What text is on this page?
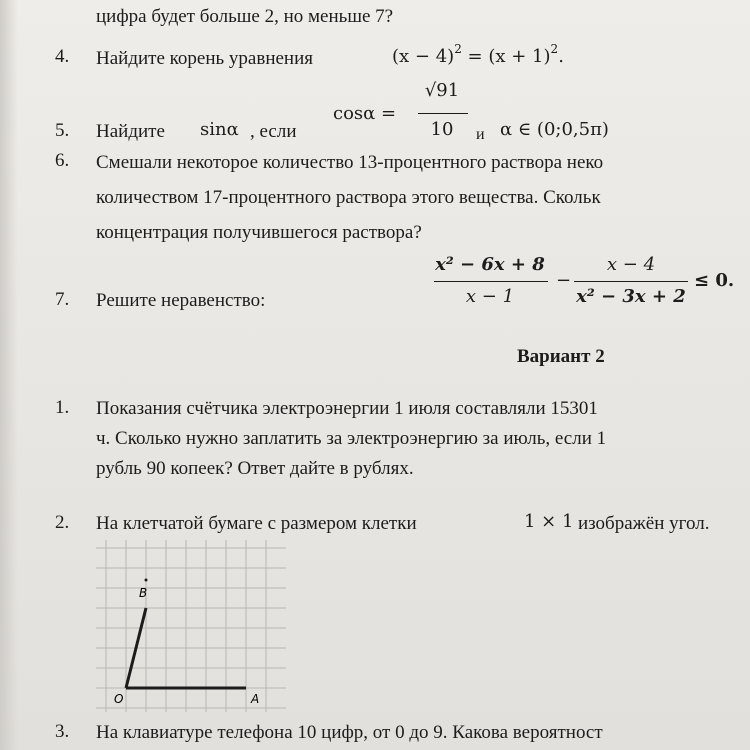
цифра будет больше 2, но меньше 7?
4. Найдите корень уравнения	$(x - 4)^2 = (x + 1)^2$.
5. Найдите sinα , если
cosα =
√91
10	и α ∈ (0;0,5π)
6. Смешали некоторое количество 13-процентного раствора неко
количеством 17-процентного раствора этого вещества. Скольк
концентрация получившегося раствора?
7. Решите неравенство:
x² − 6x + 8
x − 1
−
x − 4
x² − 3x + 2
≤ 0.
Вариант 2
1. Показания счётчика электроэнергии 1 июля составляли 15301
ч. Сколько нужно заплатить за электроэнергию за июль, если 1
рубль 90 копеек? Ответ дайте в рублях.
2. На клетчатой бумаге с размером клетки	1 × 1 изображён угол.
B
O	A
3. На клавиатуре телефона 10 цифр, от 0 до 9. Какова вероятност
